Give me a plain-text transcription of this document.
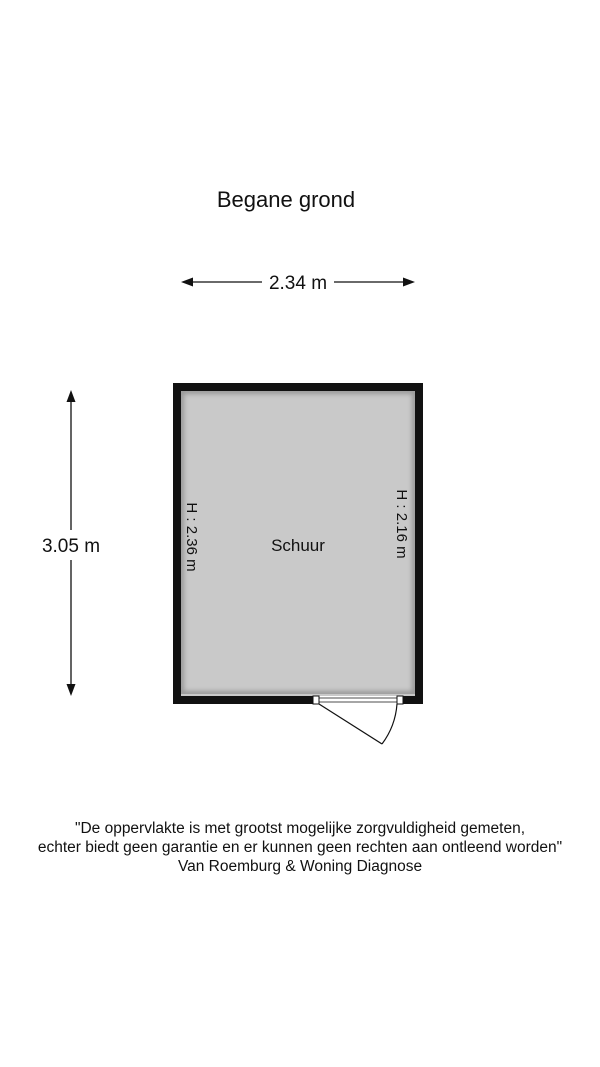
Begane grond
2.34 m
3.05 m	Schuur
H : 2.36 m	H : 2.16 m
"De oppervlakte is met grootst mogelijke zorgvuldigheid gemeten,
echter biedt geen garantie en er kunnen geen rechten aan ontleend worden"
Van Roemburg & Woning Diagnose
